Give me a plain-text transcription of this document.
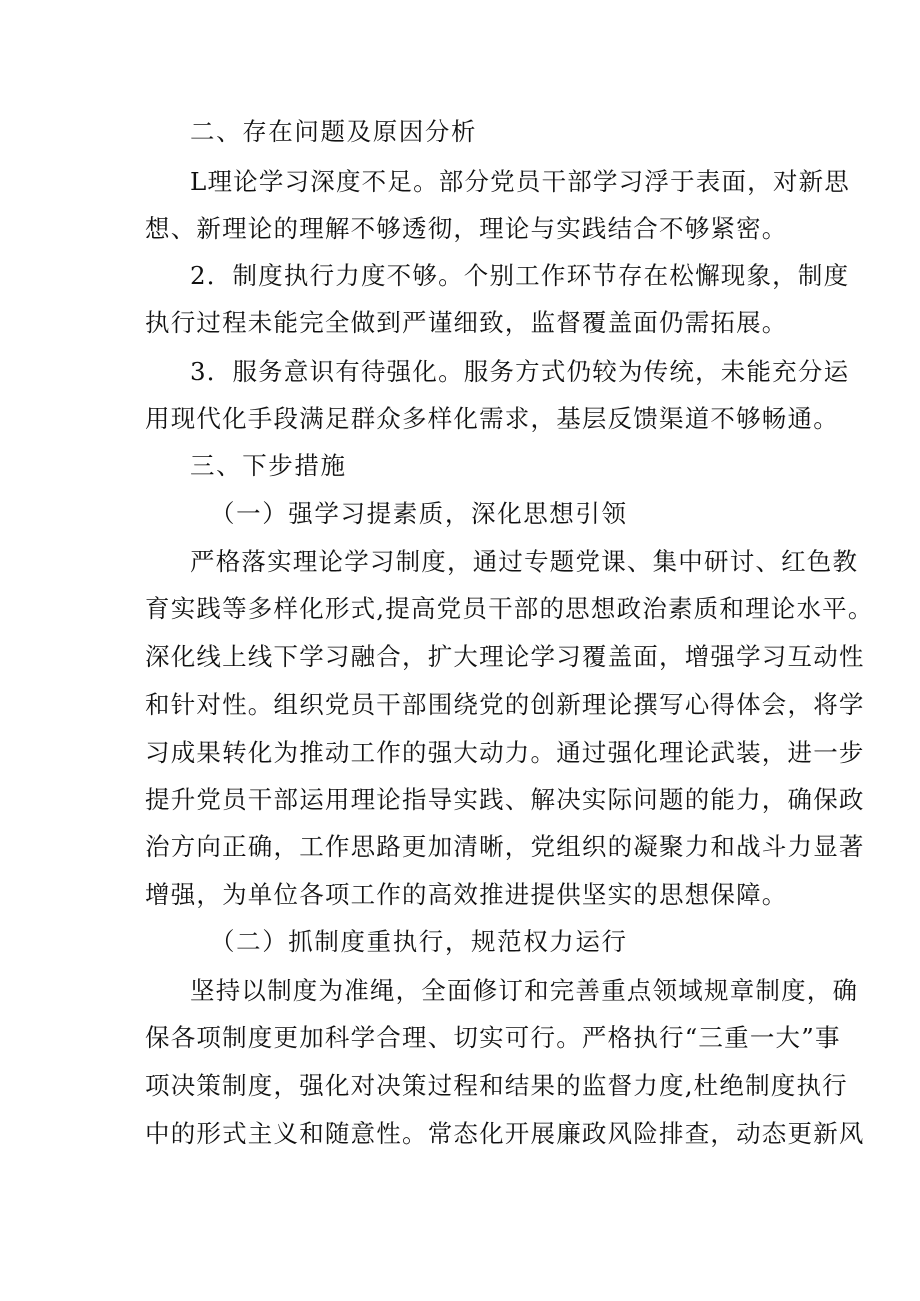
二、存在问题及原因分析
L理论学习深度不足。部分党员干部学习浮于表面，对新思
想、新理论的理解不够透彻，理论与实践结合不够紧密。
2．制度执行力度不够。个别工作环节存在松懈现象，制度
执行过程未能完全做到严谨细致，监督覆盖面仍需拓展。
3．服务意识有待强化。服务方式仍较为传统，未能充分运
用现代化手段满足群众多样化需求，基层反馈渠道不够畅通。
三、下步措施
（一）强学习提素质，深化思想引领
严格落实理论学习制度，通过专题党课、集中研讨、红色教
育实践等多样化形式,提高党员干部的思想政治素质和理论水平。
深化线上线下学习融合，扩大理论学习覆盖面，增强学习互动性
和针对性。组织党员干部围绕党的创新理论撰写心得体会，将学
习成果转化为推动工作的强大动力。通过强化理论武装，进一步
提升党员干部运用理论指导实践、解决实际问题的能力，确保政
治方向正确，工作思路更加清晰，党组织的凝聚力和战斗力显著
增强，为单位各项工作的高效推进提供坚实的思想保障。
（二）抓制度重执行，规范权力运行
坚持以制度为准绳，全面修订和完善重点领域规章制度，确
保各项制度更加科学合理、切实可行。严格执行“三重一大”事
项决策制度，强化对决策过程和结果的监督力度,杜绝制度执行
中的形式主义和随意性。常态化开展廉政风险排查，动态更新风
